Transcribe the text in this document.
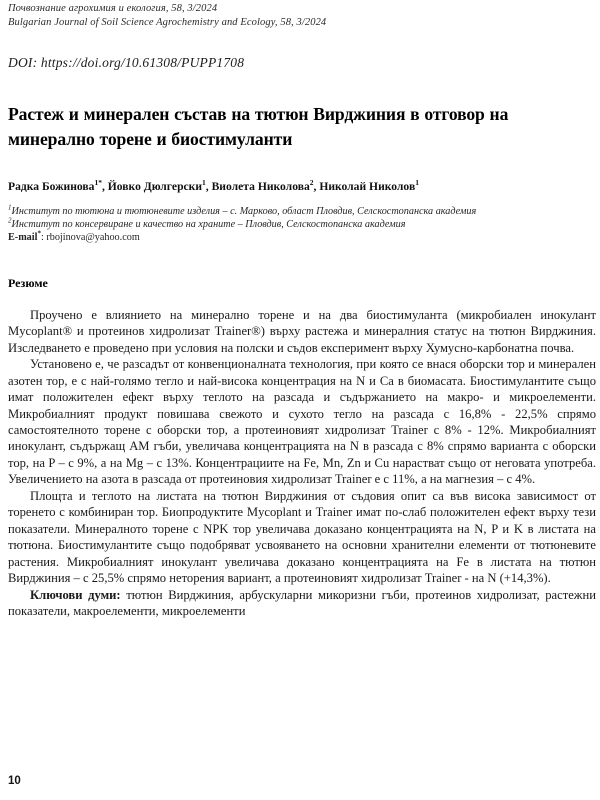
Почвознание агрохимия и екология, 58, 3/2024
Bulgarian Journal of Soil Science Agrochemistry and Ecology, 58, 3/2024
DOI: https://doi.org/10.61308/PUPP1708
Растеж и минерален състав на тютюн Вирджиния в отговор на минерално торене и биостимуланти
Радка Божинова$^{1*}$, Йовко Дюлгерски$^1$, Виолета Николова$^2$, Николай Николов$^1$
$^1$Институт по тютюна и тютюневите изделия – с. Марково, област Пловдив, Селскостопанска академия
$^2$Институт по консервиране и качество на храните – Пловдив, Селскостопанска академия
E-mail*: rbojinova@yahoo.com
Резюме

Проучено е влиянието на минерално торене и на два биостимуланта (микробиален инокулант Mycoplant® и протеинов хидролизат Trainer®) върху растежа и минералния статус на тютюн Вирджиния. Изследването е проведено при условия на полски и съдов експеримент върху Хумусно-карбонатна почва.

Установено е, че разсадът от конвенционалната технология, при която се внася оборски тор и минерален азотен тор, е с най-голямо тегло и най-висока концентрация на N и Ca в биомасата. Биостимулантите също имат положителен ефект върху теглото на разсада и съдържанието на макро- и микроелементи. Микробиалният продукт повишава свежото и сухото тегло на разсада с 16,8% - 22,5% спрямо самостоятелното торене с оборски тор, а протеиновият хидролизат Trainer с 8% - 12%. Микробиалният инокулант, съдържащ АМ гъби, увеличава концентрацията на N в разсада с 8% спрямо варианта с оборски тор, на P – с 9%, а на Mg – с 13%. Концентрациите на Fe, Mn, Zn и Cu нарастват също от неговата употреба. Увеличението на азота в разсада от протеиновия хидролизат Trainer е с 11%, а на магнезия – с 4%.

Площта и теглото на листата на тютюн Вирджиния от съдовия опит са във висока зависимост от торенето с комбиниран тор. Биопродуктите Mycoplant и Trainer имат по-слаб положителен ефект върху тези показатели. Минералното торене с NPK тор увеличава доказано концентрацията на N, P и K в листата на тютюна. Биостимулантите също подобряват усвояването на основни хранителни елементи от тютюневите растения. Микробиалният инокулант увеличава доказано концентрацията на Fe в листата на тютюн Вирджиния – с 25,5% спрямо неторения вариант, а протеиновият хидролизат Trainer - на N (+14,3%).

Ключови думи: тютюн Вирджиния, арбускуларни микоризни гъби, протеинов хидролизат, растежни показатели, макроелементи, микроелементи

10
